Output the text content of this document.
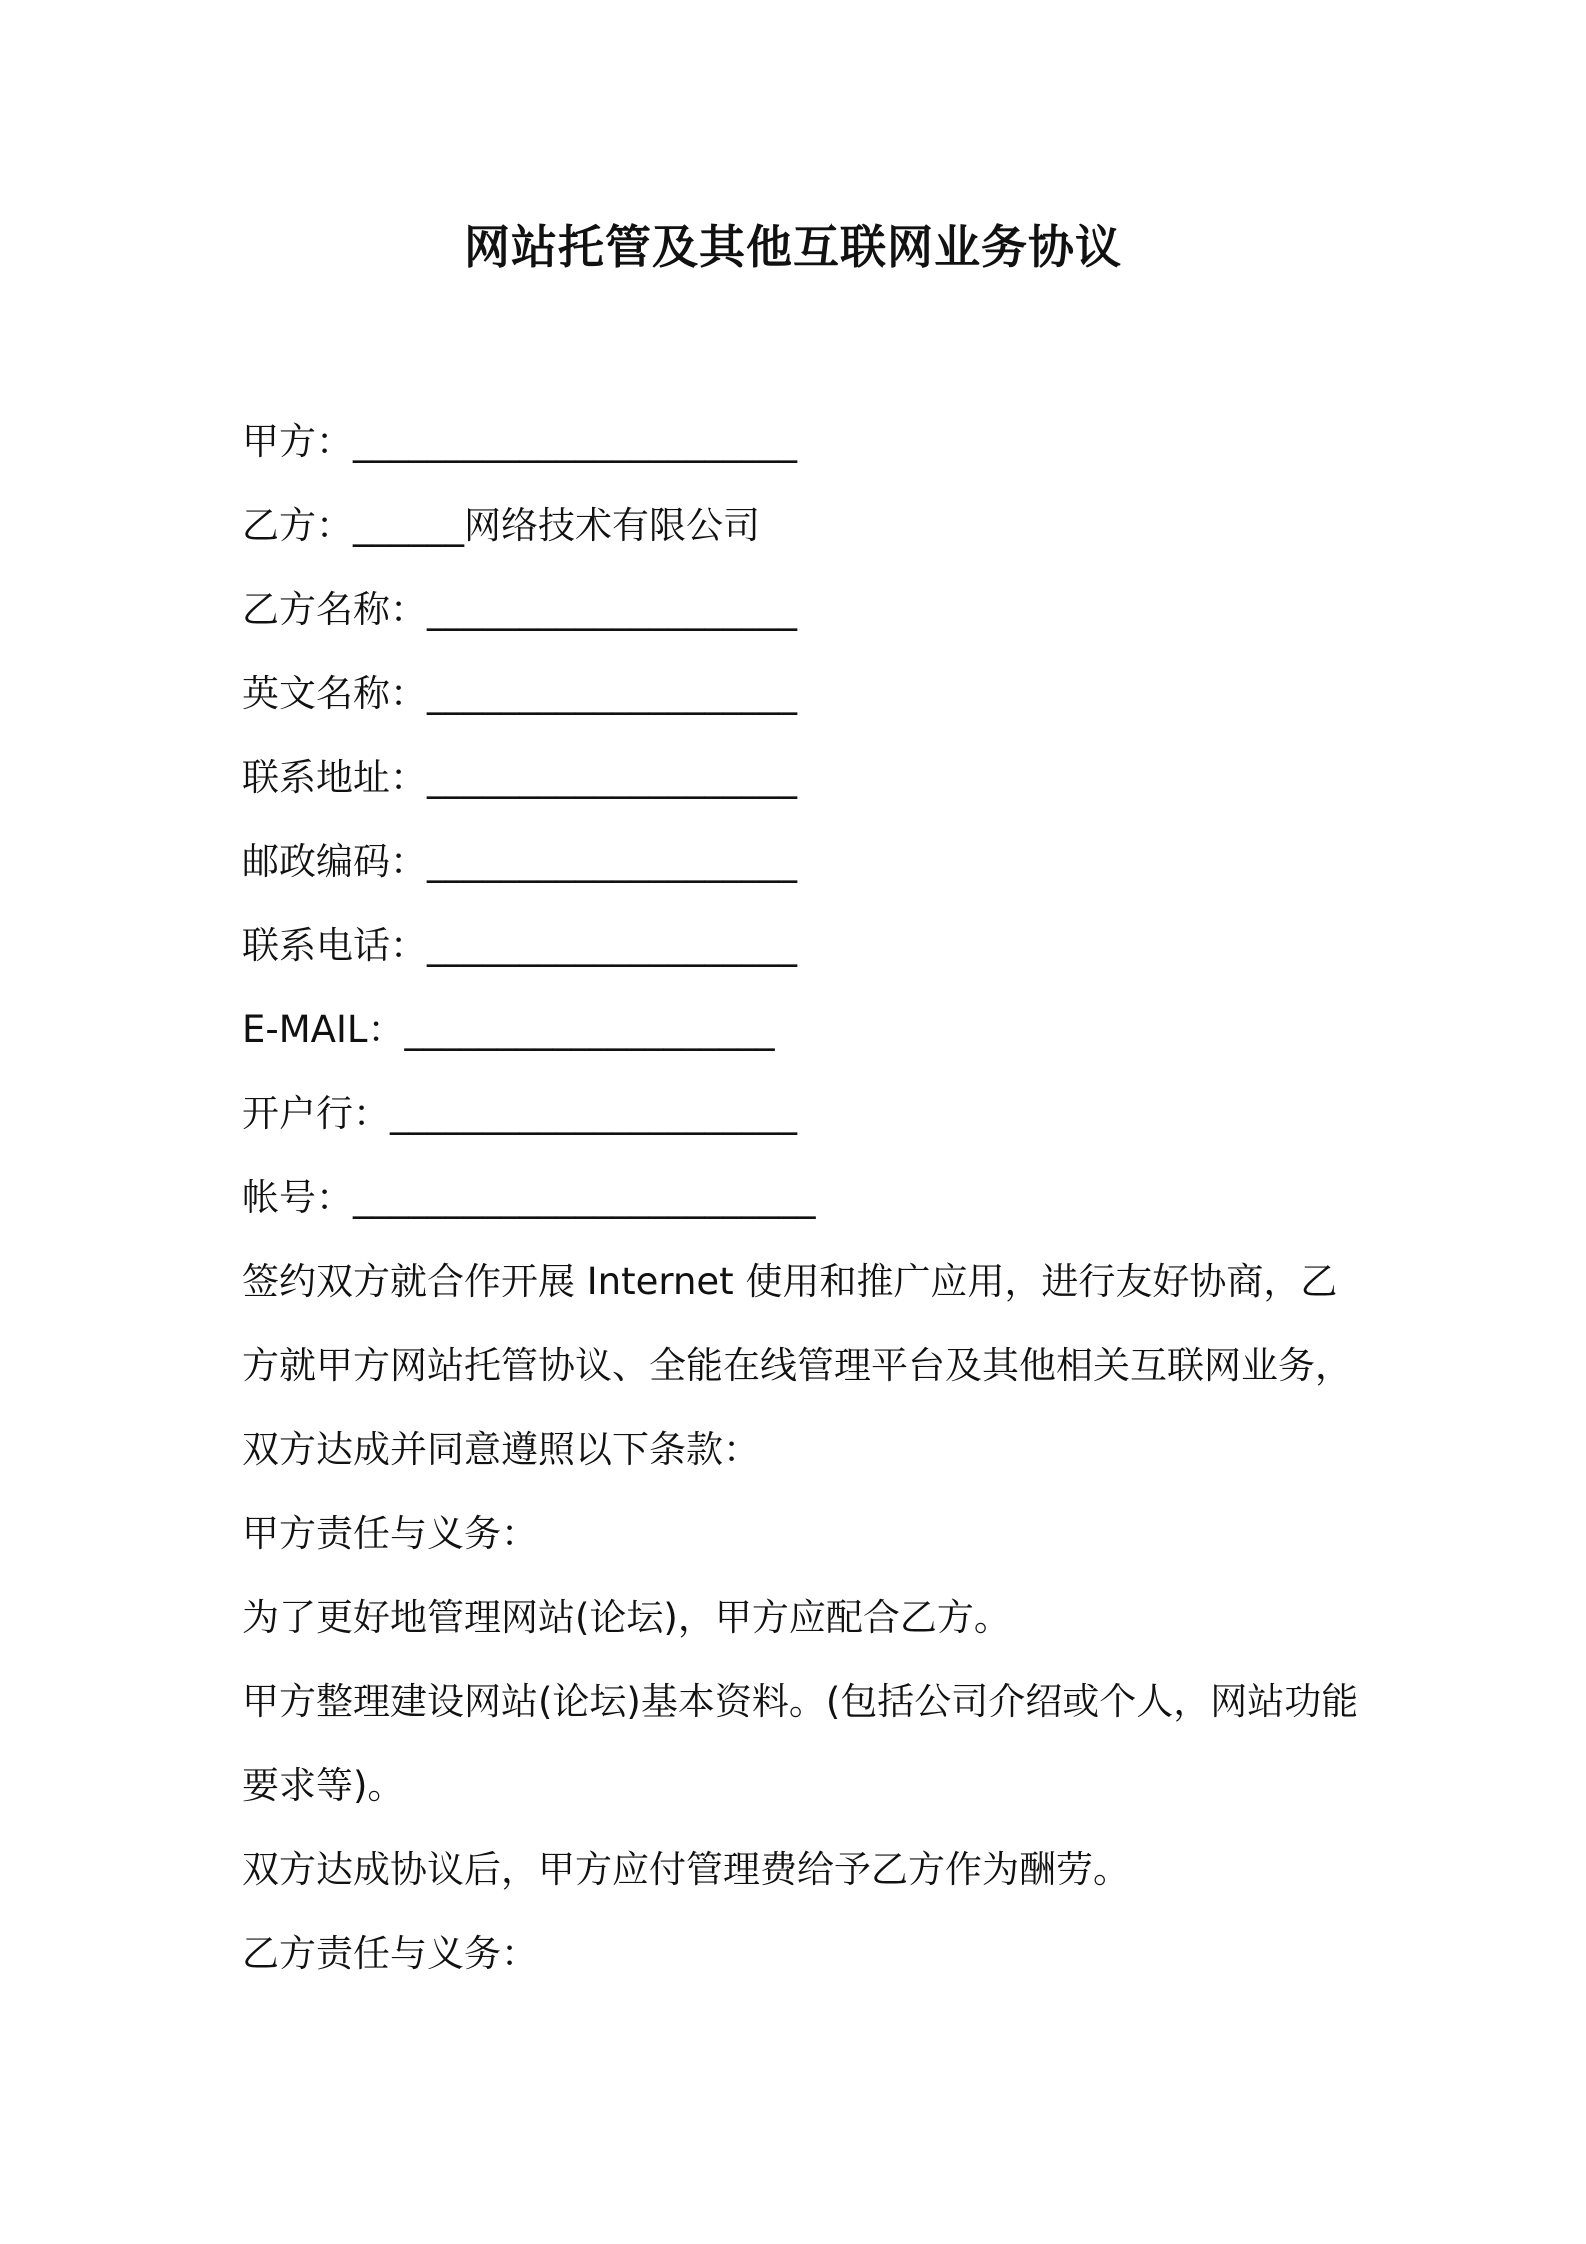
网站托管及其他互联网业务协议
甲方：________________________
乙方：______网络技术有限公司
乙方名称：____________________
英文名称：____________________
联系地址：____________________
邮政编码：____________________
联系电话：____________________
E-MAIL：____________________
开户行：______________________
帐号：_________________________
签约双方就合作开展 Internet 使用和推广应用，进行友好协商，乙
方就甲方网站托管协议、全能在线管理平台及其他相关互联网业务，
双方达成并同意遵照以下条款：
甲方责任与义务：
为了更好地管理网站(论坛)，甲方应配合乙方。
甲方整理建设网站(论坛)基本资料。(包括公司介绍或个人，网站功能
要求等)。
双方达成协议后，甲方应付管理费给予乙方作为酬劳。
乙方责任与义务：
